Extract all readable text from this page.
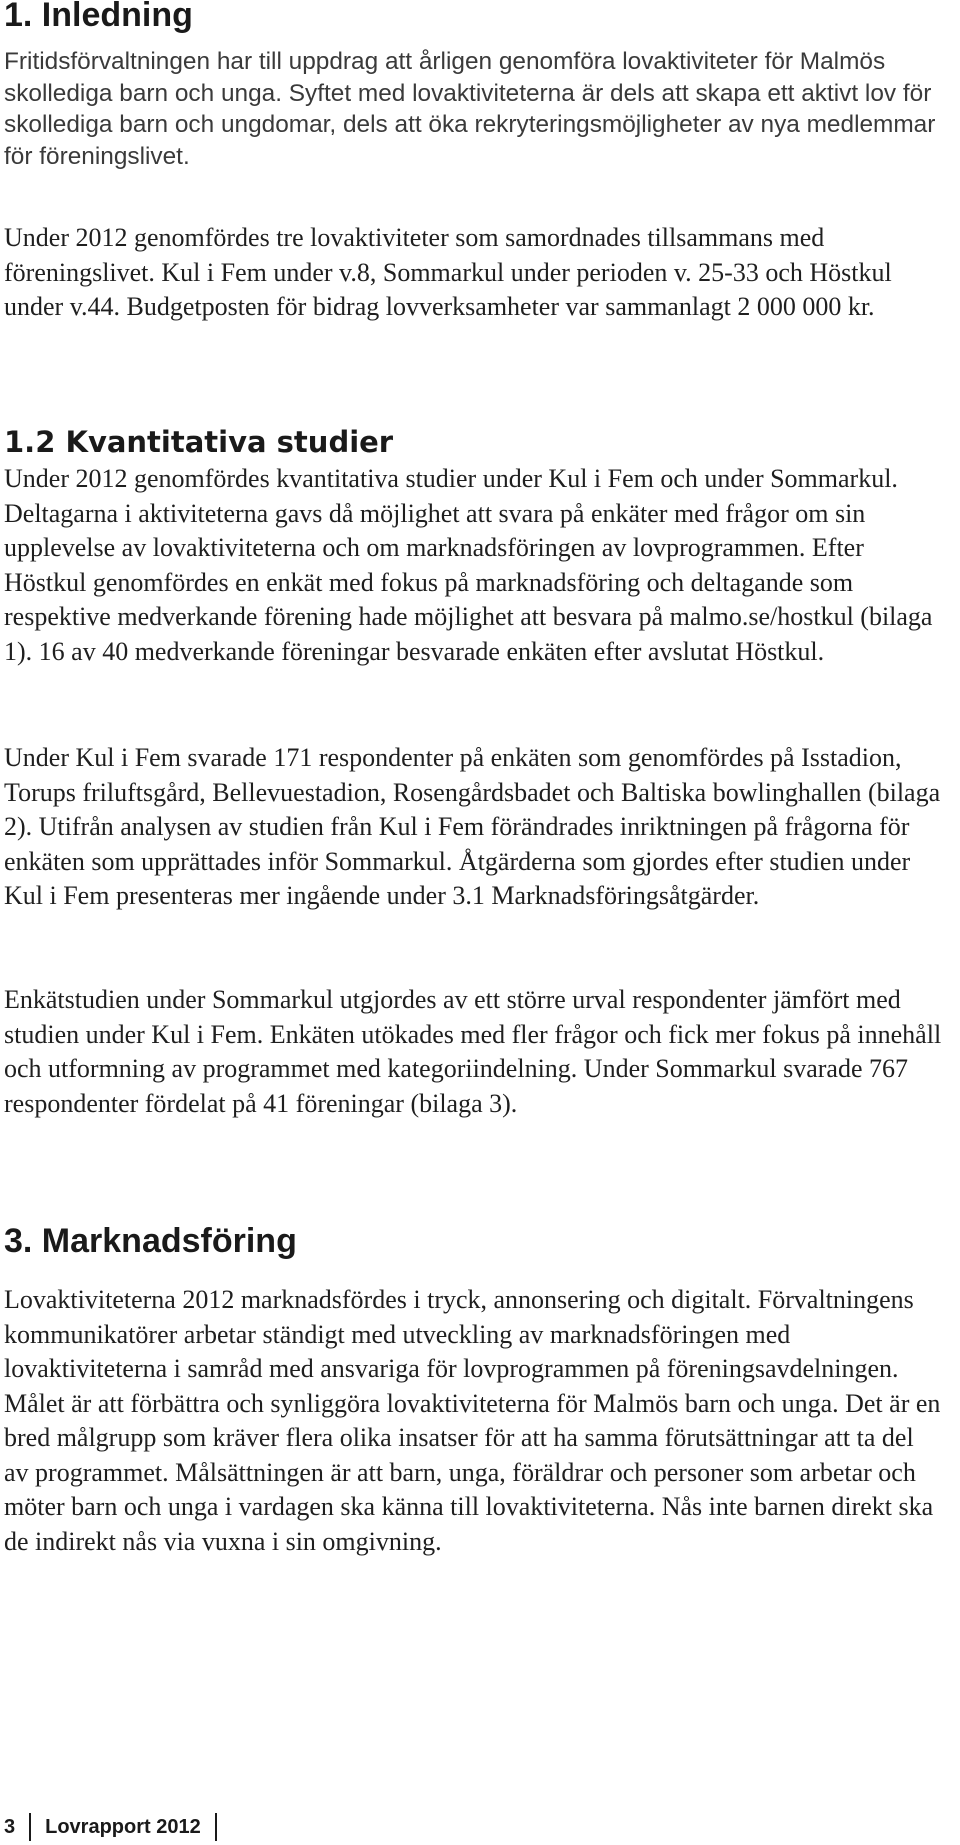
1. Inledning

Fritidsförvaltningen har till uppdrag att årligen genomföra lovaktiviteter för Malmös skollediga barn och unga. Syftet med lovaktiviteterna är dels att skapa ett aktivt lov för skollediga barn och ungdomar, dels att öka rekryteringsmöjligheter av nya medlemmar för föreningslivet.

Under 2012 genomfördes tre lovaktiviteter som samordnades tillsammans med föreningslivet. Kul i Fem under v.8, Sommarkul under perioden v. 25-33 och Höstkul under v.44. Budgetposten för bidrag lovverksamheter var sammanlagt 2 000 000 kr.

1.2 Kvantitativa studier

Under 2012 genomfördes kvantitativa studier under Kul i Fem och under Sommarkul. Deltagarna i aktiviteterna gavs då möjlighet att svara på enkäter med frågor om sin upplevelse av lovaktiviteterna och om marknadsföringen av lovprogrammen. Efter Höstkul genomfördes en enkät med fokus på marknadsföring och deltagande som respektive medverkande förening hade möjlighet att besvara på malmo.se/hostkul (bilaga 1). 16 av 40 medverkande föreningar besvarade enkäten efter avslutat Höstkul.

Under Kul i Fem svarade 171 respondenter på enkäten som genomfördes på Isstadion, Torups friluftsgård, Bellevuestadion, Rosengårdsbadet och Baltiska bowlinghallen (bilaga 2). Utifrån analysen av studien från Kul i Fem förändrades inriktningen på frågorna för enkäten som upprättades inför Sommarkul. Åtgärderna som gjordes efter studien under Kul i Fem presenteras mer ingående under 3.1 Marknadsföringsåtgärder.

Enkätstudien under Sommarkul utgjordes av ett större urval respondenter jämfört med studien under Kul i Fem. Enkäten utökades med fler frågor och fick mer fokus på innehåll och utformning av programmet med kategoriindelning. Under Sommarkul svarade 767 respondenter fördelat på 41 föreningar (bilaga 3).

3. Marknadsföring

Lovaktiviteterna 2012 marknadsfördes i tryck, annonsering och digitalt. Förvaltningens kommunikatörer arbetar ständigt med utveckling av marknadsföringen med lovaktiviteterna i samråd med ansvariga för lovprogrammen på föreningsavdelningen. Målet är att förbättra och synliggöra lovaktiviteterna för Malmös barn och unga. Det är en bred målgrupp som kräver flera olika insatser för att ha samma förutsättningar att ta del av programmet. Målsättningen är att barn, unga, föräldrar och personer som arbetar och möter barn och unga i vardagen ska känna till lovaktiviteterna. Nås inte barnen direkt ska de indirekt nås via vuxna i sin omgivning.

3 Lovrapport 2012
